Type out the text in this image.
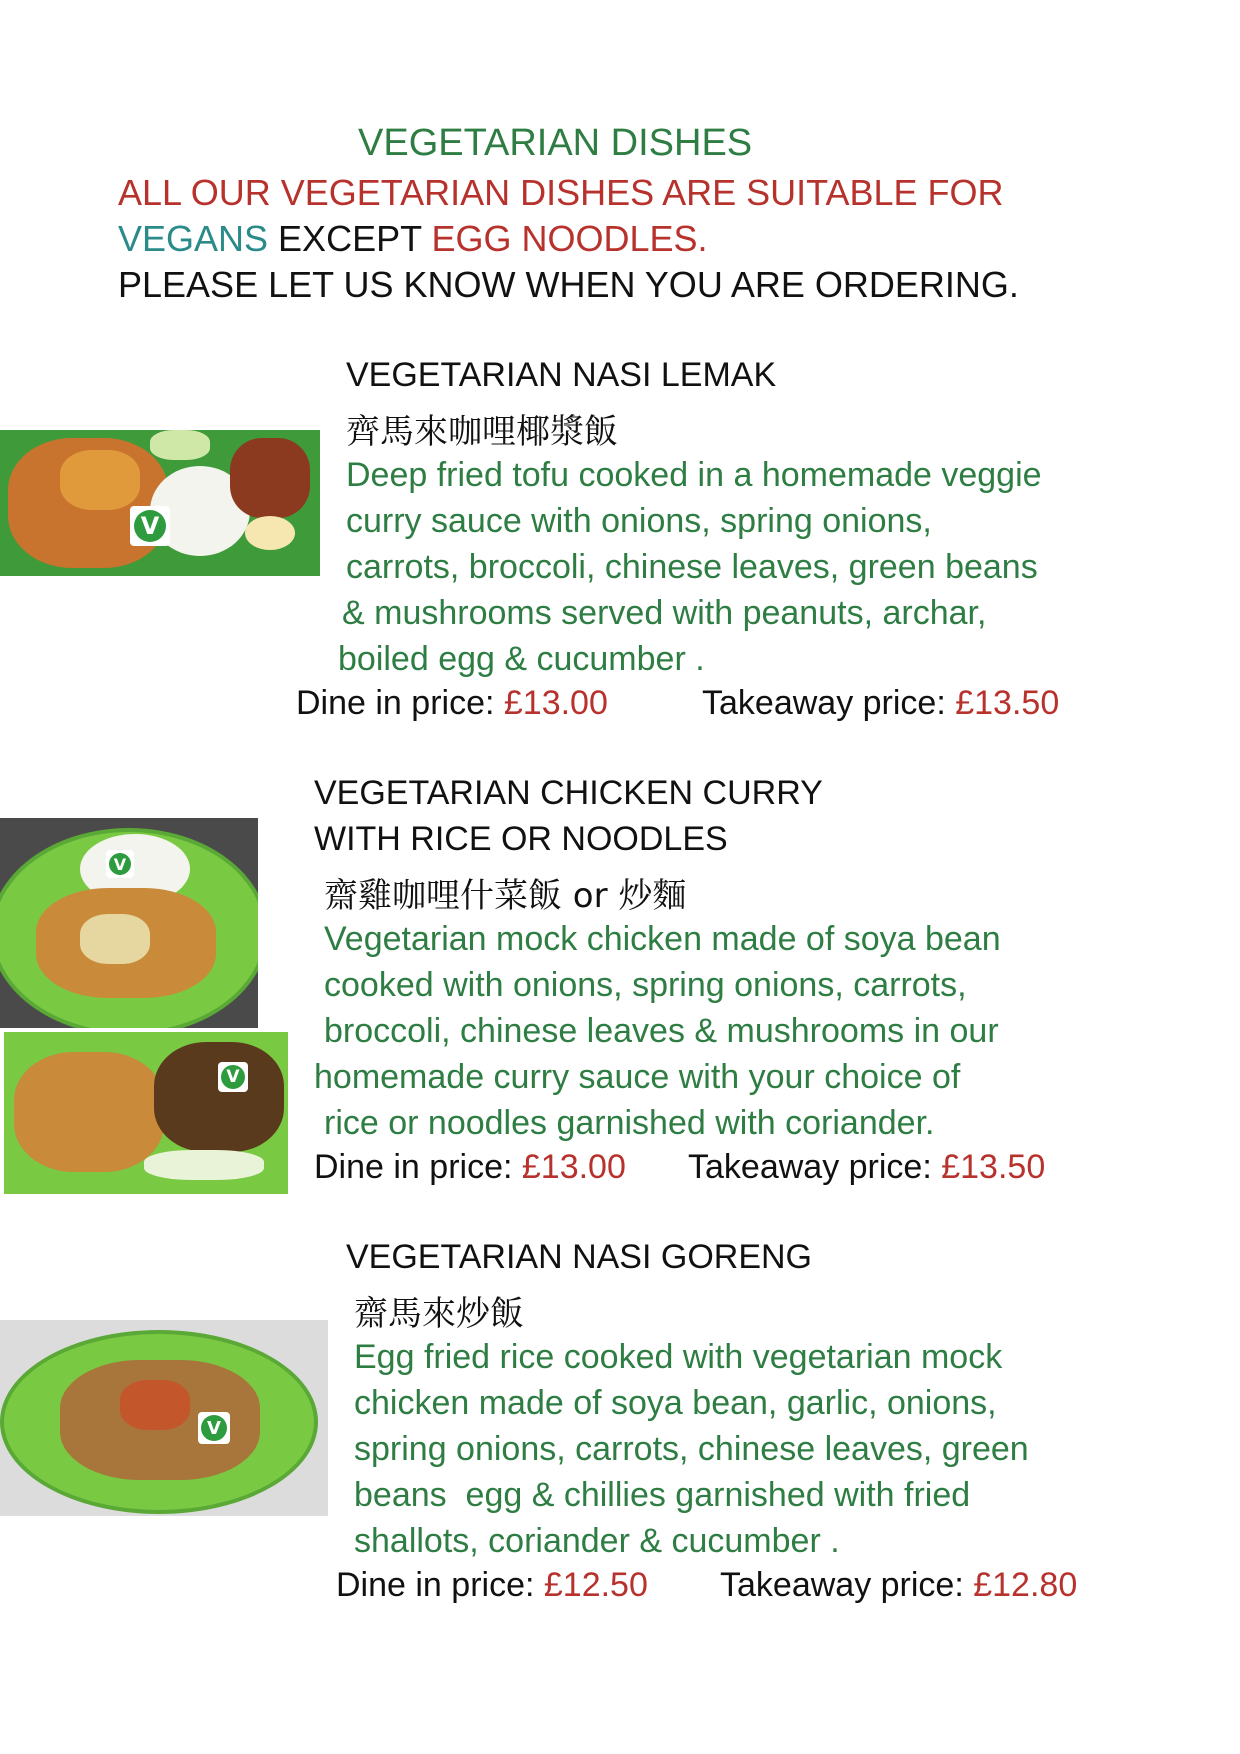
VEGETARIAN DISHES
ALL OUR VEGETARIAN DISHES ARE SUITABLE FOR
VEGANS EXCEPT EGG NOODLES.
PLEASE LET US KNOW WHEN YOU ARE ORDERING.
V
VEGETARIAN NASI LEMAK
齊馬來咖哩椰漿飯
Deep fried tofu cooked in a homemade veggie
curry sauce with onions, spring onions,
carrots, broccoli, chinese leaves, green beans
& mushrooms served with peanuts, archar,
boiled egg & cucumber .
Dine in price: £13.00	Takeaway price: £13.50
V
V
VEGETARIAN CHICKEN CURRY
WITH RICE OR NOODLES
齋雞咖哩什菜飯 or 炒麵
Vegetarian mock chicken made of soya bean
cooked with onions, spring onions, carrots,
broccoli, chinese leaves & mushrooms in our
homemade curry sauce with your choice of
rice or noodles garnished with coriander.
Dine in price: £13.00 Takeaway price: £13.50
V
VEGETARIAN NASI GORENG
齋馬來炒飯
Egg fried rice cooked with vegetarian mock
chicken made of soya bean, garlic, onions,
spring onions, carrots, chinese leaves, green
beans  egg & chillies garnished with fried
shallots, coriander & cucumber .
Dine in price: £12.50 Takeaway price: £12.80
